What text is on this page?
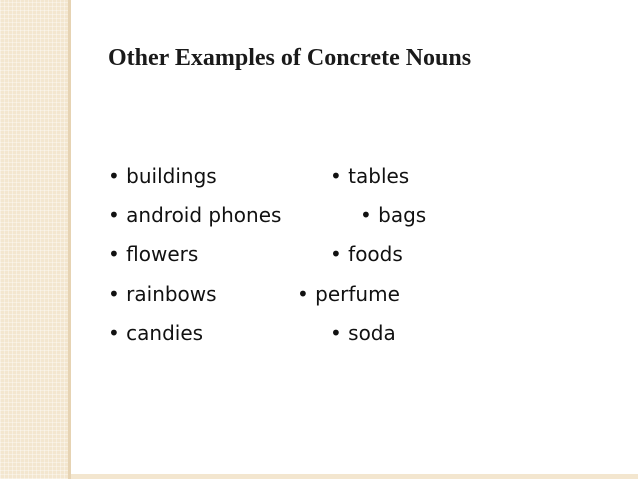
Other Examples of Concrete Nouns
• buildings
• android phones
• flowers
• rainbows
• candies
• tables
• bags
• foods
• perfume
• soda
